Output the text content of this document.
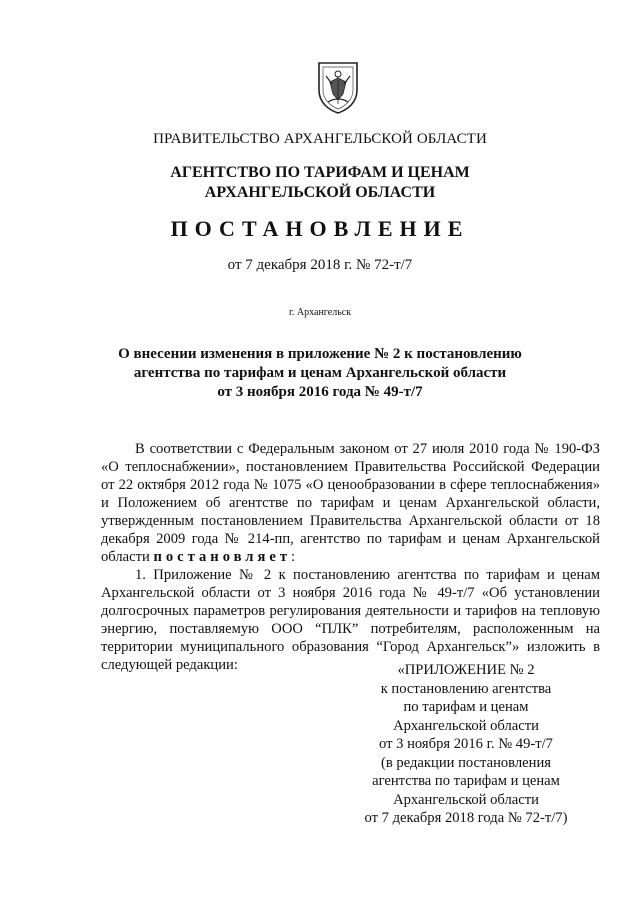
ПРАВИТЕЛЬСТВО АРХАНГЕЛЬСКОЙ ОБЛАСТИ
АГЕНТСТВО ПО ТАРИФАМ И ЦЕНАМ
АРХАНГЕЛЬСКОЙ ОБЛАСТИ
ПОСТАНОВЛЕНИЕ
от 7 декабря 2018 г. № 72-т/7
г. Архангельск
О внесении изменения в приложение № 2 к постановлению
агентства по тарифам и ценам Архангельской области
от 3 ноября 2016 года № 49-т/7

В соответствии с Федеральным законом от 27 июля 2010 года № 190-ФЗ «О теплоснабжении», постановлением Правительства Российской Федерации от 22 октября 2012 года № 1075 «О ценообразовании в сфере теплоснабжения» и Положением об агентстве по тарифам и ценам Архангельской области, утвержденным постановлением Правительства Архангельской области от 18 декабря 2009 года № 214-пп, агентство по тарифам и ценам Архангельской области постановляет:

1. Приложение № 2 к постановлению агентства по тарифам и ценам Архангельской области от 3 ноября 2016 года № 49-т/7 «Об установлении долгосрочных параметров регулирования деятельности и тарифов на тепловую энергию, поставляемую ООО “ПЛК” потребителям, расположенным на территории муниципального образования “Город Архангельск”» изложить в следующей редакции:	«ПРИЛОЖЕНИЕ № 2
к постановлению агентства
по тарифам и ценам
Архангельской области
от 3 ноября 2016 г. № 49-т/7
(в редакции постановления
агентства по тарифам и ценам
Архангельской области
от 7 декабря 2018 года № 72-т/7)
